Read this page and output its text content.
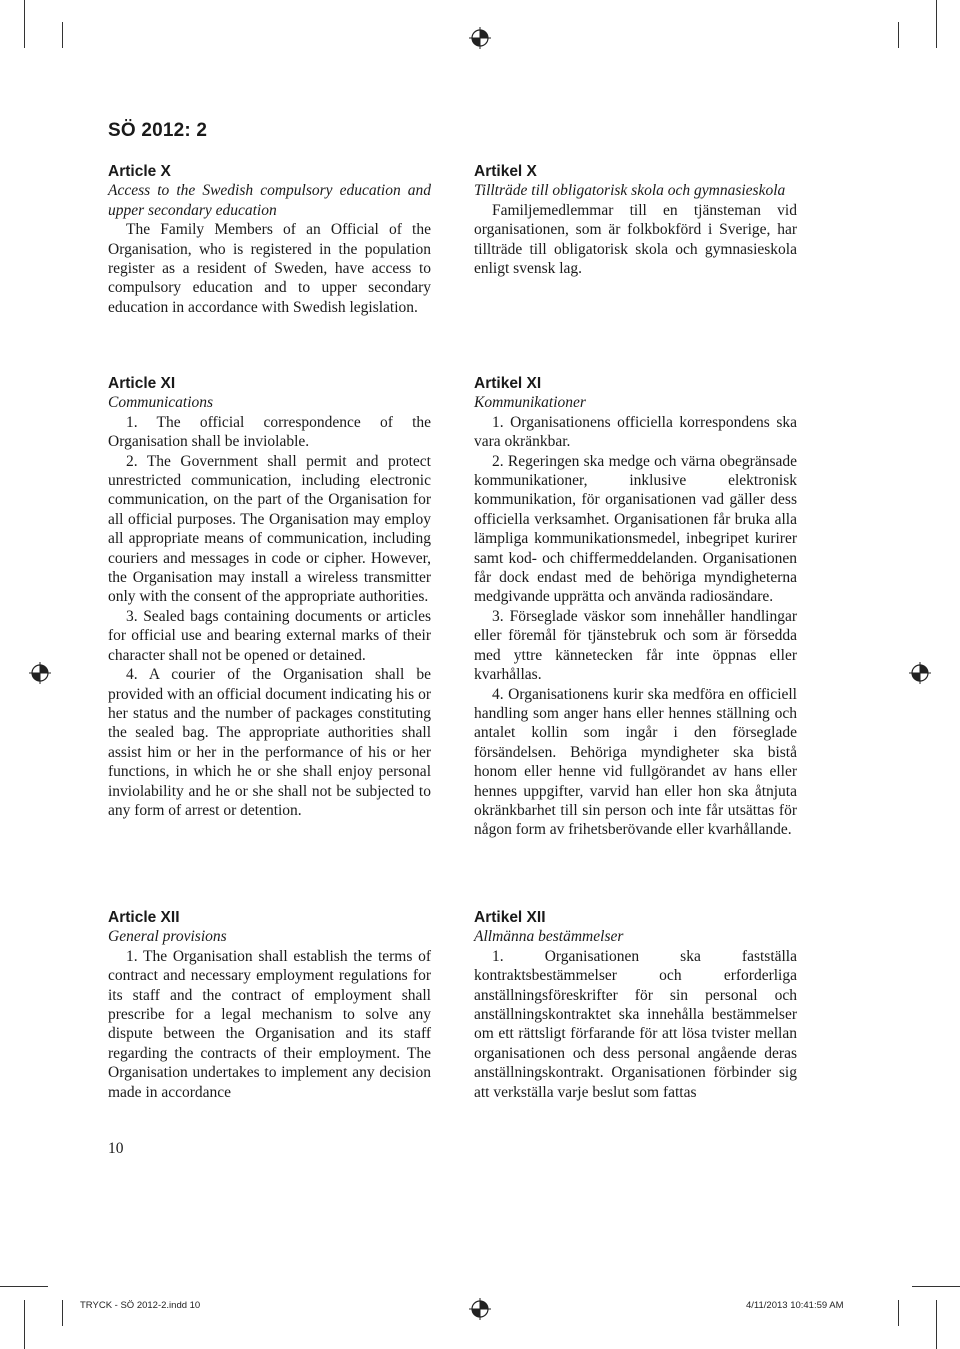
SÖ 2012: 2
Article X

Access to the Swedish compulsory education and upper secondary education

The Family Members of an Official of the Organisation, who is registered in the population register as a resident of Sweden, have access to compulsory education and to upper secondary education in accordance with Swedish legislation.

Article XI

Communications

1. The official correspondence of the Organisation shall be inviolable.

2. The Government shall permit and protect unrestricted communication, including electronic communication, on the part of the Organisation for all official purposes. The Organisation may employ all appropriate means of communication, including couriers and messages in code or cipher. However, the Organisation may install a wireless transmitter only with the consent of the appropriate authorities.

3. Sealed bags containing documents or articles for official use and bearing external marks of their character shall not be opened or detained.

4. A courier of the Organisation shall be provided with an official document indicating his or her status and the number of packages constituting the sealed bag. The appropriate authorities shall assist him or her in the performance of his or her functions, in which he or she shall enjoy personal inviolability and he or she shall not be subjected to any form of arrest or detention.

Article XII

General provisions

1. The Organisation shall establish the terms of contract and necessary employment regulations for its staff and the contract of employment shall prescribe for a legal mechanism to solve any dispute between the Organisation and its staff regarding the contracts of their employment. The Organisation undertakes to implement any decision made in accordance

Artikel X

Tillträde till obligatorisk skola och gymnasieskola

Familjemedlemmar till en tjänsteman vid organisationen, som är folkbokförd i Sverige, har tillträde till obligatorisk skola och gymnasieskola enligt svensk lag.

Artikel XI

Kommunikationer

1. Organisationens officiella korrespondens ska vara okränkbar.

2. Regeringen ska medge och värna obegränsade kommunikationer, inklusive elektronisk kommunikation, för organisationen vad gäller dess officiella verksamhet. Organisationen får bruka alla lämpliga kommunikationsmedel, inbegripet kurirer samt kod- och chiffermeddelanden. Organisationen får dock endast med de behöriga myndigheterna medgivande upprätta och använda radiosändare.

3. Förseglade väskor som innehåller handlingar eller föremål för tjänstebruk och som är försedda med yttre kännetecken får inte öppnas eller kvarhållas.

4. Organisationens kurir ska medföra en officiell handling som anger hans eller hennes ställning och antalet kollin som ingår i den förseglade försändelsen. Behöriga myndigheter ska bistå honom eller henne vid fullgörandet av hans eller hennes uppgifter, varvid han eller hon ska åtnjuta okränkbarhet till sin person och inte får utsättas för någon form av frihetsberövande eller kvarhållande.

Artikel XII

Allmänna bestämmelser

1. Organisationen ska fastställa kontraktsbestämmelser och erforderliga anställningsföreskrifter för sin personal och anställningskontraktet ska innehålla bestämmelser om ett rättsligt förfarande för att lösa tvister mellan organisationen och dess personal angående deras anställningskontrakt. Organisationen förbinder sig att verkställa varje beslut som fattas

10
TRYCK - SÖ 2012-2.indd 10	4/11/2013 10:41:59 AM
